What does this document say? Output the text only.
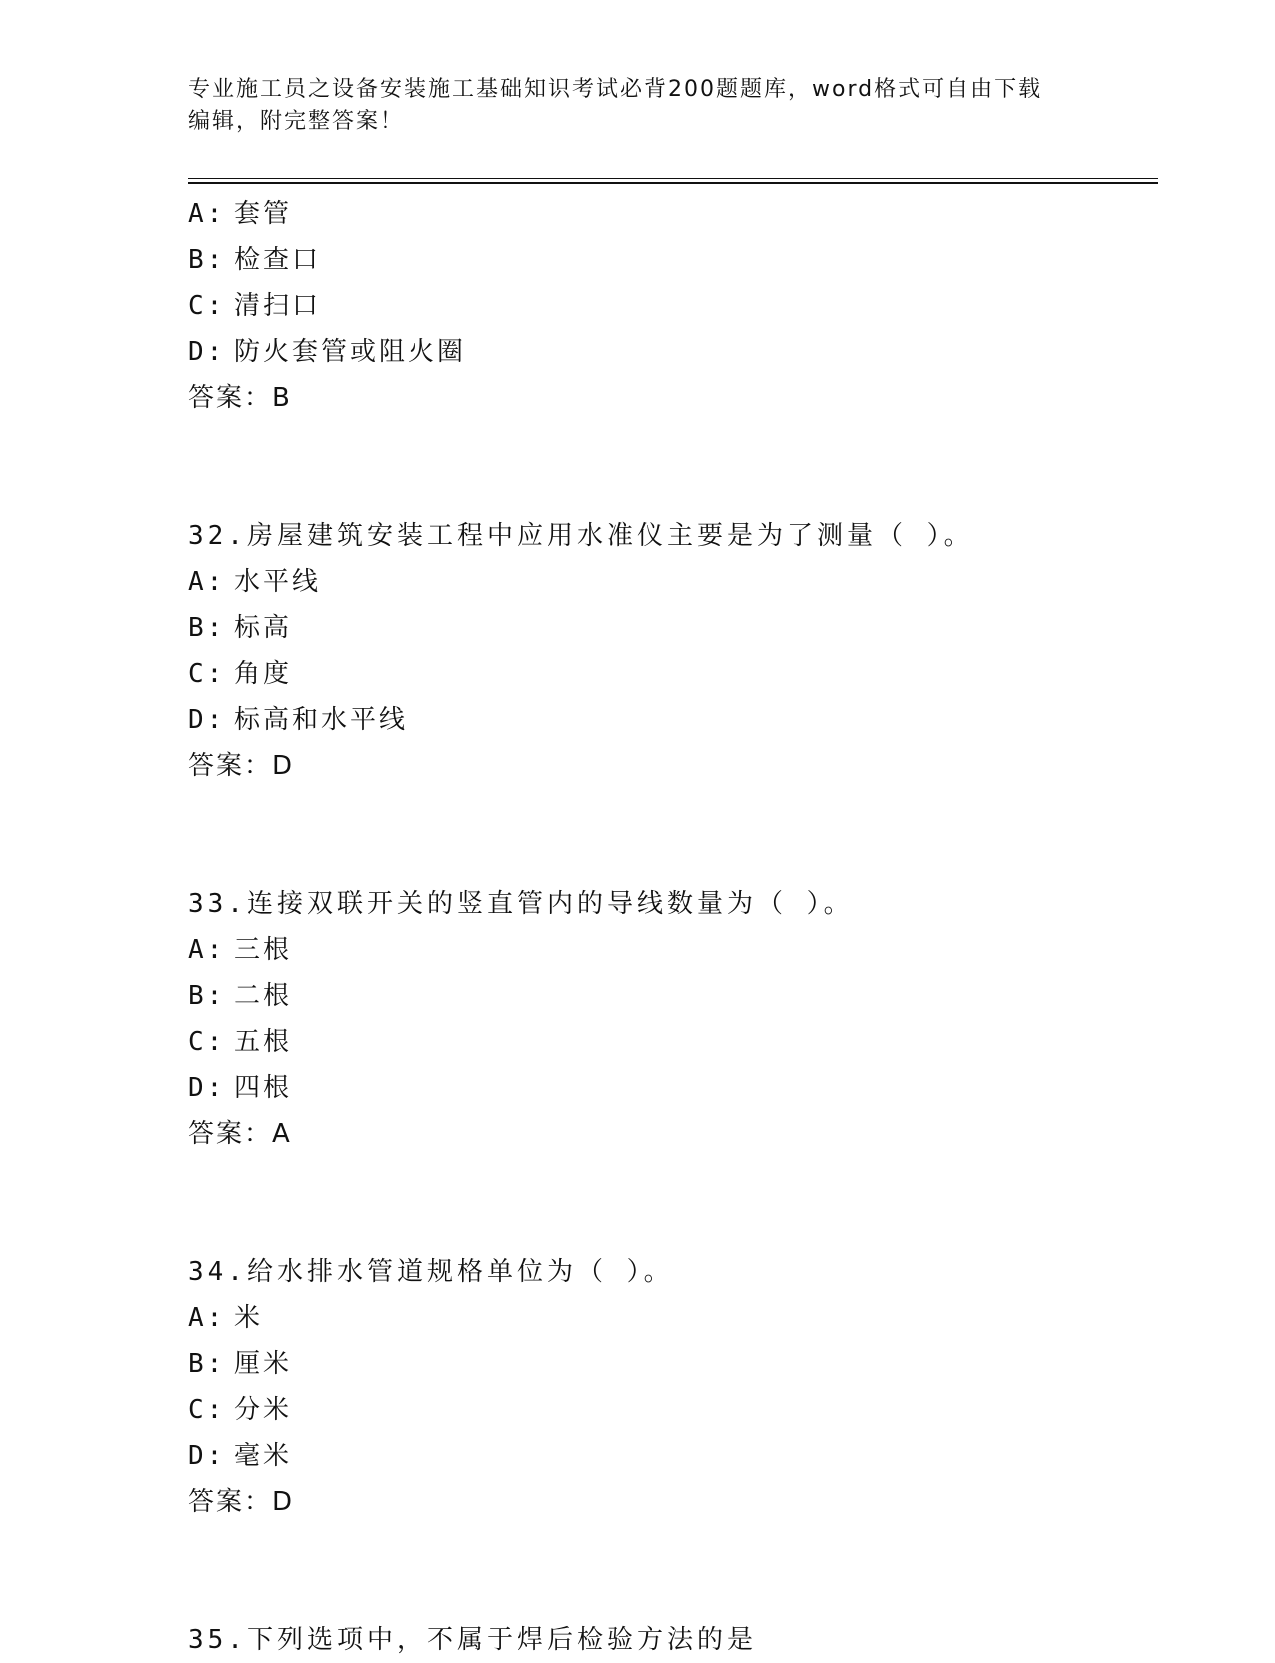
专业施工员之设备安装施工基础知识考试必背200题题库，word格式可自由下载
编辑，附完整答案！
A: 套管
B: 检查口
C: 清扫口
D: 防火套管或阻火圈
答案：B
32.房屋建筑安装工程中应用水准仪主要是为了测量（ ）。
A: 水平线
B: 标高
C: 角度
D: 标高和水平线
答案：D
33.连接双联开关的竖直管内的导线数量为（ ）。
A: 三根
B: 二根
C: 五根
D: 四根
答案：A
34.给水排水管道规格单位为（ ）。
A: 米
B: 厘米
C: 分米
D: 毫米
答案：D
35.下列选项中，不属于焊后检验方法的是
